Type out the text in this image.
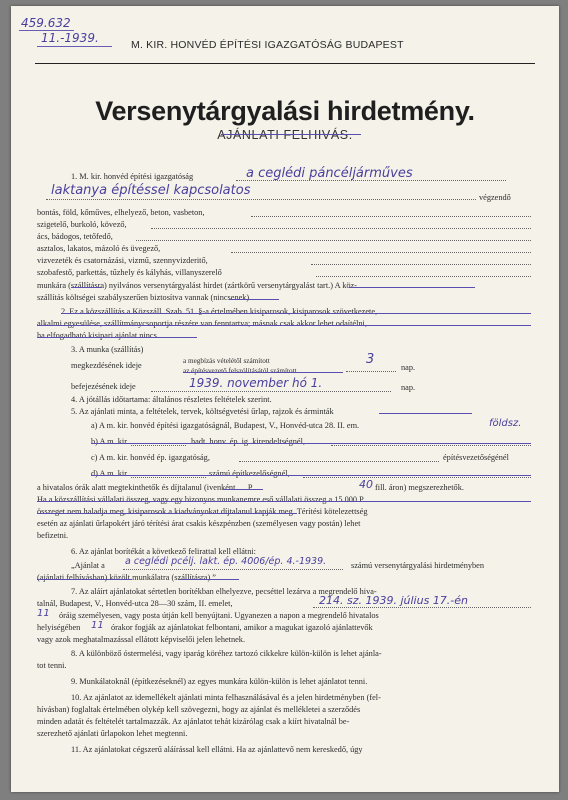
459.632
11.-1939.	M. KIR. HONVÉD ÉPÍTÉSI IGAZGATÓSÁG BUDAPEST
Versenytárgyalási hirdetmény.
AJÁNLATI FELHIVÁS.
1. M. kir. honvéd építési igazgatóság	a ceglédi páncéljárműves
laktanya építéssel kapcsolatos	végzendő
bontás, föld, kőműves, elhelyező, beton, vasbeton,
szigetelő, burkoló, kövező,
ács, bádogos, tetőfedő,
asztalos, lakatos, mázoló és üvegező,
vizvezeték és csatornázási, vizmű, szennyvizderitő,
szobafestő, parkettás, tűzhely és kályhás, villanyszerelő
munkára (szállításra) nyilvános versenytárgyalást hirdet (zártkörű versenytárgyalást tart.) A köz-
szállítás költségei szabályszerűen biztosítva vannak (nincsenek).
2. Ez a közszállítás a Közszáll. Szab. 51. §-a értelmében kisiparosok, kisiparosok szövetkezete,
alkalmi egyesülése, szállítmánycsoportja részére van fenntartva; másnak csak akkor lehet odaítélni,
ha elfogadható kisipari ajánlat nincs.
3. A munka (szállítás)
megkezdésének ideje	a megbízás vételétől számított
az építésvezető felszólításától számított
3
nap.
befejezésének ideje	1939. november hó 1.	nap.
4. A jótállás időtartama: általános részletes feltételek szerint.
5. Az ajánlati minta, a feltételek, tervek, költségvetési űrlap, rajzok és árminták
a) A m. kir. honvéd építési igazgatóságnál, Budapest, V., Honvéd-utca 28. II. em.	földsz.
b) A m. kir.	hadt. honv. ép. ig. kirendeltségnél,
c) A m. kir. honvéd ép. igazgatóság,	építésvezetőségénél
d) A m. kir.	számú építkezelőségnél,
a hivatalos órák alatt megtekinthetők és díjtalanul (ivenként .... P	40 fill. áron) megszerezhetők.
Ha a közszállítási vállalati összeg, vagy egy bizonyos munkanemre eső vállalati összeg a 15.000 P
összeget nem haladja meg, kisiparosok a kiadványokat díjtalanul kapják meg. Térítési kötelezettség
esetén az ajánlati űrlapokért járó térítési árat csakis készpénzben (személyesen vagy postán) lehet
befizetni.
6. Az ajánlat borítékát a következő felirattal kell ellátni:
„Ajánlat a a ceglédi pcélj. lakt. ép. 4006/ép. 4.-1939.	számú versenytárgyalási hirdetményben
(ajánlati felhívásban) közölt munkálatra (szállításra).”
7. Az aláírt ajánlatokat sértetlen borítékban elhelyezve, pecséttel lezárva a megrendelő hiva-
talnál, Budapest, V., Honvéd-utca 28—30 szám, II. emelet,	214. sz. 1939. július 17.-én
11 óráig személyesen, vagy posta útján kell benyújtani. Ugyanezen a napon a megrendelő hivatalos
helyiségében 11 órakor fogják az ajánlatokat felbontani, amikor a magukat igazoló ajánlattevők
vagy azok meghatalmazással ellátott képviselői jelen lehetnek.
8. A különböző óstermelési, vagy iparág köréhez tartozó cikkekre külön-külön is lehet ajánla-
tot tenni.
9. Munkálatoknál (építkezéseknél) az egyes munkára külön-külön is lehet ajánlatot tenni.
10. Az ajánlatot az idemellékelt ajánlati minta felhasználásával és a jelen hirdetményben (fel-
hívásban) foglaltak értelmében olykép kell szövegezni, hogy az ajánlat és mellékletei a szerződés
minden adatát és feltételét tartalmazzák. Az ajánlatot tehát kizárólag csak a kiírt hivatalnál be-
szerezhető ajánlati űrlapokon lehet megtenni.
11. Az ajánlatokat cégszerű aláírással kell ellátni. Ha az ajánlattevő nem kereskedő, úgy
